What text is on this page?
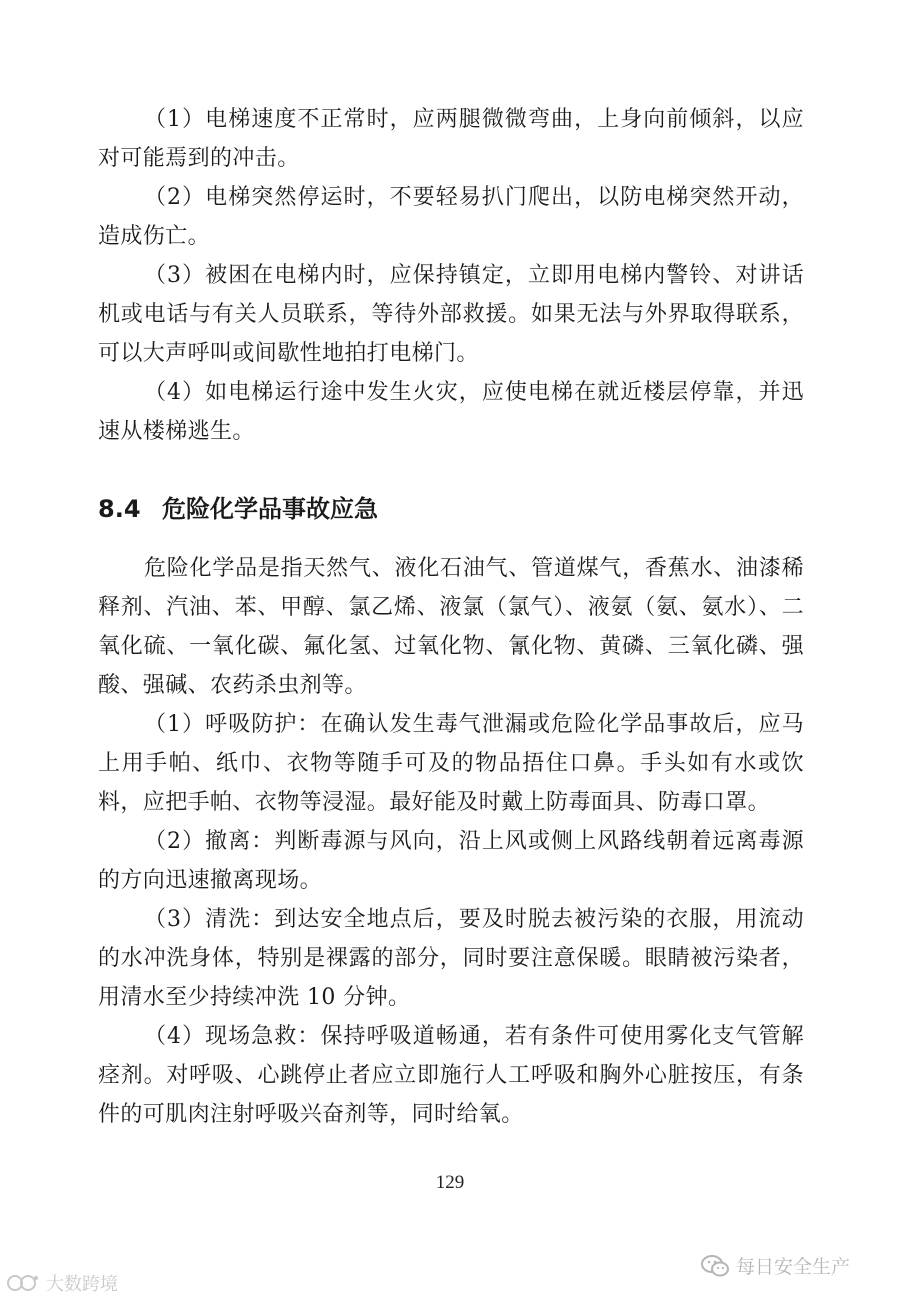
（1）电梯速度不正常时，应两腿微微弯曲，上身向前倾斜，以应对可能焉到的冲击。

（2）电梯突然停运时，不要轻易扒门爬出，以防电梯突然开动，造成伤亡。

（3）被困在电梯内时，应保持镇定，立即用电梯内警铃、对讲话机或电话与有关人员联系，等待外部救援。如果无法与外界取得联系，可以大声呼叫或间歇性地拍打电梯门。

（4）如电梯运行途中发生火灾，应使电梯在就近楼层停靠，并迅速从楼梯逃生。

8.4 危险化学品事故应急

危险化学品是指天然气、液化石油气、管道煤气，香蕉水、油漆稀释剂、汽油、苯、甲醇、氯乙烯、液氯（氯气）、液氨（氨、氨水）、二氧化硫、一氧化碳、氟化氢、过氧化物、氰化物、黄磷、三氧化磷、强酸、强碱、农药杀虫剂等。

（1）呼吸防护：在确认发生毒气泄漏或危险化学品事故后，应马上用手帕、纸巾、衣物等随手可及的物品捂住口鼻。手头如有水或饮料，应把手帕、衣物等浸湿。最好能及时戴上防毒面具、防毒口罩。

（2）撤离：判断毒源与风向，沿上风或侧上风路线朝着远离毒源的方向迅速撤离现场。

（3）清洗：到达安全地点后，要及时脱去被污染的衣服，用流动的水冲洗身体，特别是裸露的部分，同时要注意保暖。眼睛被污染者，用清水至少持续冲洗 10 分钟。

（4）现场急救：保持呼吸道畅通，若有条件可使用雾化支气管解痉剂。对呼吸、心跳停止者应立即施行人工呼吸和胸外心脏按压，有条件的可肌肉注射呼吸兴奋剂等，同时给氧。

129
大数跨境
每日安全生产
